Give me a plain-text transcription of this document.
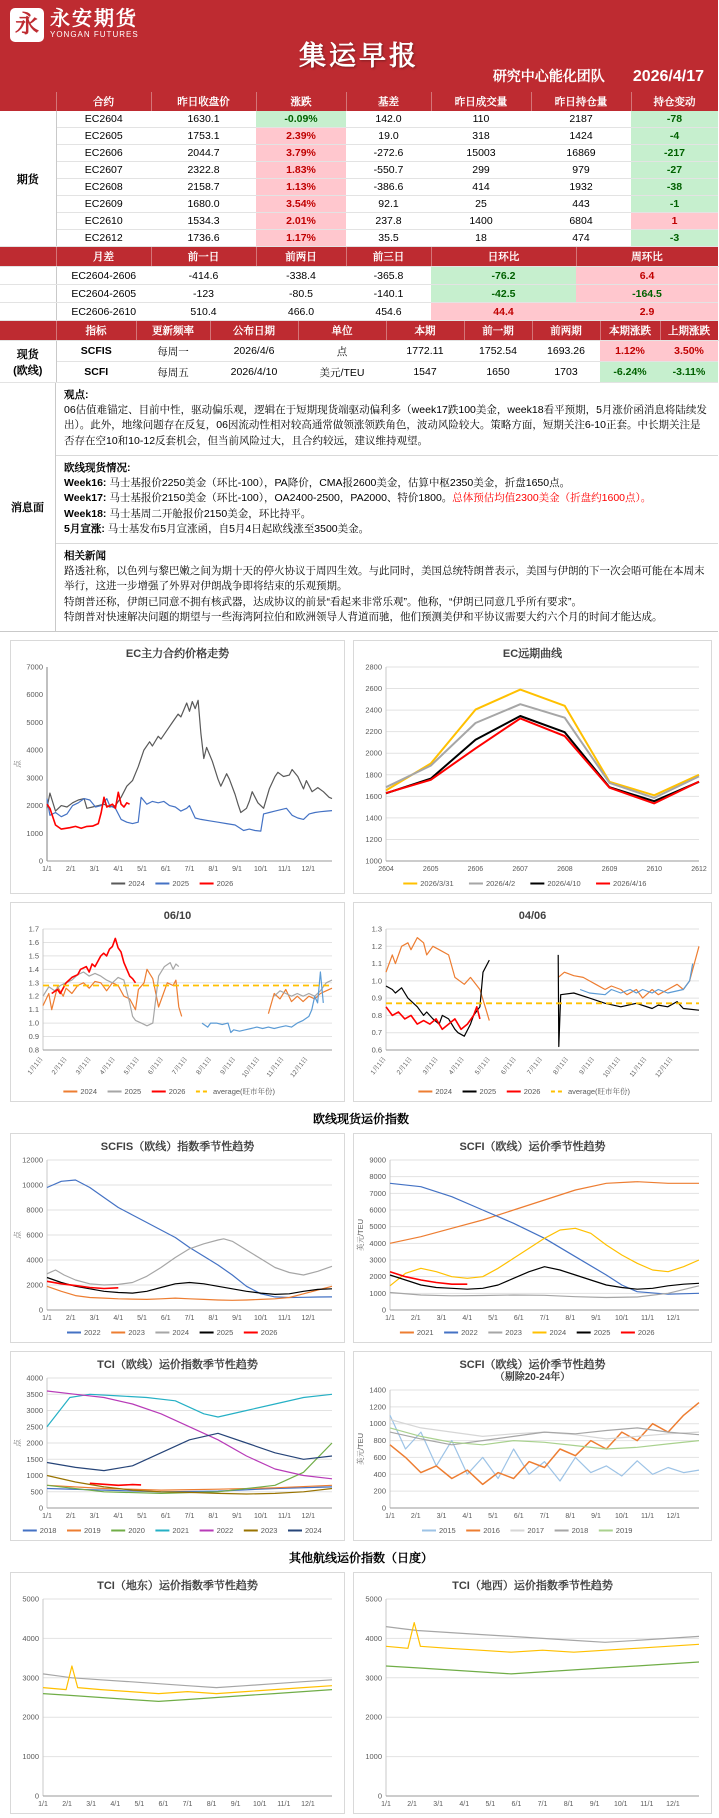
永 永安期货
YONGAN FUTURES
集运早报
研究中心能化团队 2026/4/17
	合约	昨日收盘价	涨跌	基差	昨日成交量	昨日持仓量	持仓变动
期货	EC2604	1630.1	-0.09%	142.0	110	2187	-78
	EC2605	1753.1	2.39%	19.0	318	1424	-4
	EC2606	2044.7	3.79%	-272.6	15003	16869	-217
	EC2607	2322.8	1.83%	-550.7	299	979	-27
	EC2608	2158.7	1.13%	-386.6	414	1932	-38
	EC2609	1680.0	3.54%	92.1	25	443	-1
	EC2610	1534.3	2.01%	237.8	1400	6804	1
	EC2612	1736.6	1.17%	35.5	18	474	-3
	月差	前一日	前两日	前三日	日环比	周环比
	EC2604-2606	-414.6	-338.4	-365.8	-76.2	6.4
	EC2604-2605	-123	-80.5	-140.1	-42.5	-164.5
	EC2606-2610	510.4	466.0	454.6	44.4	2.9
	指标	更新频率	公布日期	单位	本期	前一期	前两期	本期涨跌	上期涨跌
现货
(欧线)	SCFIS	每周一	2026/4/6	点	1772.11	1752.54	1693.26	1.12%	3.50%
	SCFI	每周五	2026/4/10	美元/TEU	1547	1650	1703	-6.24%	-3.11%
消息面
观点:
06估值难锚定、目前中性，驱动偏乐观，逻辑在于短期现货端驱动偏利多（week17跌100美金，week18看平预期，5月涨价函消息将陆续发出）。此外，地缘问题存在反复，06因流动性相对较高通常做领涨领跌角色，波动风险较大。策略方面，短期关注6-10正套。中长期关注是否存在空10和10-12反套机会，但当前风险过大，且合约较远，建议维持观望。
欧线现货情况:
Week16: 马士基报价2250美金（环比-100），PA降价，CMA报2600美金，估算中枢2350美金，折盘1650点。
Week17: 马士基报价2150美金（环比-100），OA2400-2500，PA2000、特价1800。总体预估均值2300美金（折盘约1600点）。
Week18: 马士基周二开舱报价2150美金，环比持平。
5月宣涨: 马士基发布5月宣涨函，自5月4日起欧线涨至3500美金。
相关新闻
路透社称，以色列与黎巴嫩之间为期十天的停火协议于周四生效。与此同时，美国总统特朗普表示，美国与伊朗的下一次会晤可能在本周末举行，这进一步增强了外界对伊朗战争即将结束的乐观预期。
特朗普还称，伊朗已同意不拥有核武器，达成协议的前景“看起来非常乐观”。他称，“伊朗已同意几乎所有要求”。
特朗普对快速解决问题的期望与一些海湾阿拉伯和欧洲领导人背道而驰，他们预测美伊和平协议需要大约六个月的时间才能达成。
EC主力合约价格走势
点
0
1000
2000
3000
4000
5000
6000
7000
1/1 2/1 3/1 4/1 5/1 6/1 7/1 8/1 9/1 10/1 11/1 12/1
2024	2025	2026
EC远期曲线
1000
1200
1400
1600
1800
2000
2200
2400
2600
2800
2604	2605	2606	2607	2608	2609	2610	2612
2026/3/31	2026/4/2	2026/4/10	2026/4/16
06/10
0.8
0.9
1.0
1.1
1.2
1.3
1.4
1.5
1.6
1.7
1月1日 2月1日 3月1日 4月1日 5月1日 6月1日 7月1日 8月1日 9月1日 10月1日 11月1日 12月1日
2024	2025	2026	average(旺市年份)
04/06
0.6
0.7
0.8
0.9
1.0
1.1
1.2
1.3
1月1日 2月1日 3月1日 4月1日 5月1日 6月1日 7月1日 8月1日 9月1日 10月1日 11月1日 12月1日
2024	2025	2026	average(旺市年份)
欧线现货运价指数
SCFIS（欧线）指数季节性趋势
点
0
2000
4000
6000
8000
10000
12000
1/1 2/1 3/1 4/1 5/1 6/1 7/1 8/1 9/1 10/1 11/1 12/1
2022	2023	2024	2025	2026
SCFI（欧线）运价季节性趋势
美元/TEU
0
1000
2000
3000
4000
5000
6000
7000
8000
9000
1/1 2/1 3/1 4/1 5/1 6/1 7/1 8/1 9/1 10/1 11/1 12/1
2021	2022	2023	2024	2025	2026
TCI（欧线）运价指数季节性趋势
点
0
500
1000
1500
2000
2500
3000
3500
4000
1/1 2/1 3/1 4/1 5/1 6/1 7/1 8/1 9/1 10/1 11/1 12/1
2018	2019	2020	2021	2022	2023	2024
SCFI（欧线）运价季节性趋势
（剔除20-24年）
美元/TEU
0
200
400
600
800
1000
1200
1400
1/1 2/1 3/1 4/1 5/1 6/1 7/1 8/1 9/1 10/1 11/1 12/1
2015	2016	2017	2018	2019
其他航线运价指数（日度）
TCI（地东）运价指数季节性趋势
0
1000
2000
3000
4000
5000
1/1 2/1 3/1 4/1 5/1 6/1 7/1 8/1 9/1 10/1 11/1 12/1
TCI（地西）运价指数季节性趋势
0
1000
2000
3000
4000
5000
1/1 2/1 3/1 4/1 5/1 6/1 7/1 8/1 9/1 10/1 11/1 12/1
